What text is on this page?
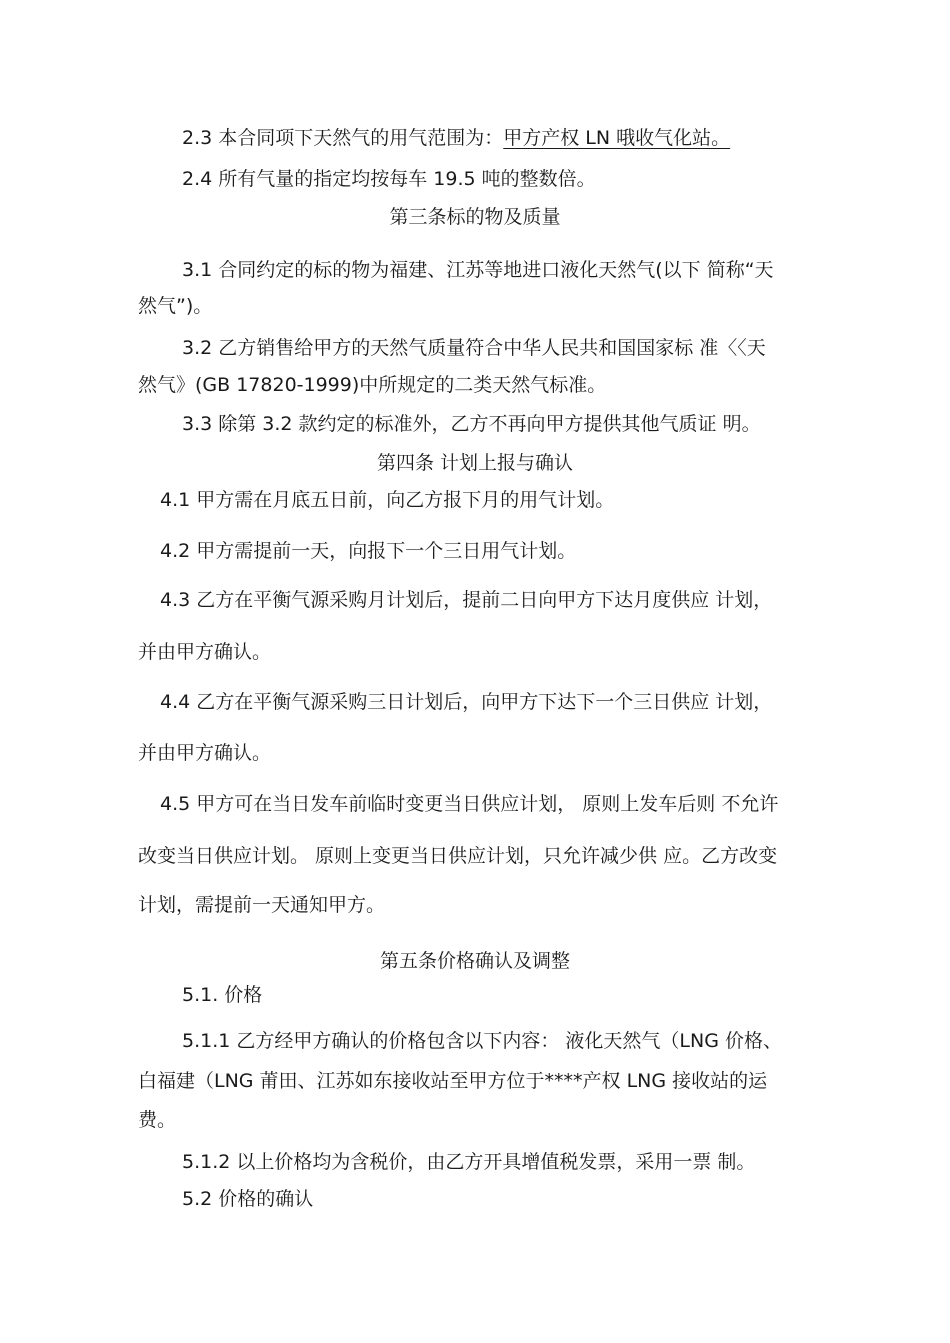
2.3 本合同项下天然气的用气范围为：甲方产权 LN 哦收气化站。
2.4 所有气量的指定均按每车 19.5 吨的整数倍。
第三条标的物及质量
3.1 合同约定的标的物为福建、江苏等地进口液化天然气(以下 简称“天
然气”)。
3.2 乙方销售给甲方的天然气质量符合中华人民共和国国家标 准〈〈天
然气》(GB 17820-1999)中所规定的二类天然气标准。
3.3 除第 3.2 款约定的标准外，乙方不再向甲方提供其他气质证 明。
第四条 计划上报与确认
4.1 甲方需在月底五日前，向乙方报下月的用气计划。
4.2 甲方需提前一天，向报下一个三日用气计划。
4.3 乙方在平衡气源采购月计划后，提前二日向甲方下达月度供应 计划，
并由甲方确认。
4.4 乙方在平衡气源采购三日计划后，向甲方下达下一个三日供应 计划，
并由甲方确认。
4.5 甲方可在当日发车前临时变更当日供应计划， 原则上发车后则 不允许
改变当日供应计划。 原则上变更当日供应计划，只允许减少供 应。乙方改变
计划，需提前一天通知甲方。
第五条价格确认及调整
5.1. 价格
5.1.1 乙方经甲方确认的价格包含以下内容： 液化天然气（LNG 价格、
白福建（LNG 莆田、江苏如东接收站至甲方位于****产权 LNG 接收站的运
费。
5.1.2 以上价格均为含税价，由乙方开具增值税发票，采用一票 制。
5.2 价格的确认
